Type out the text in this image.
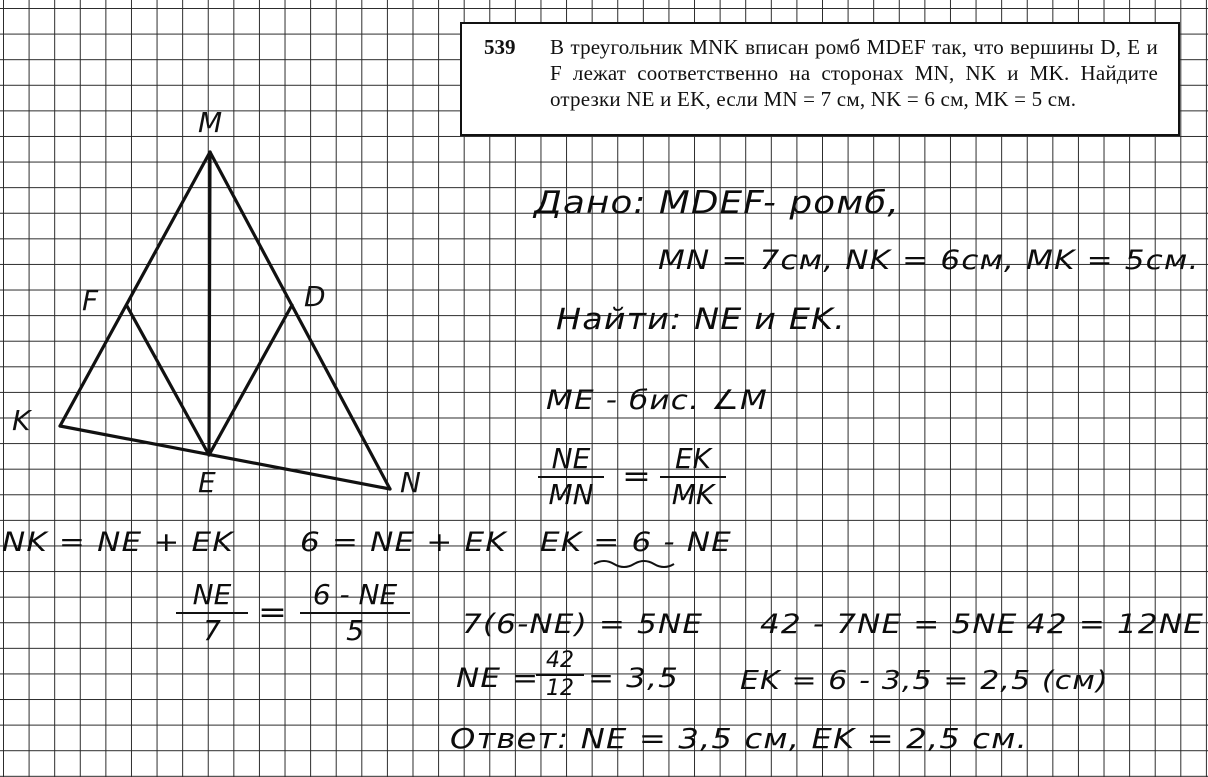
539 В треугольник MNK вписан ромб MDEF так, что вершины D, E и F лежат соответственно на сторонах MN, NK и MK. Найдите отрезки NE и EK, если MN = 7 см, NK = 6 см, MK = 5 см.
M
N
K
D
E
F
Дано: MDEF- ромб,
MN = 7см, NK = 6см, MK = 5см.
Найти: NE и EK.
ME - бис. ∠M
NE
MN
=
EK
MK
NK = NE + EK 6 = NE + EK EK = 6 - NE
NE
7
=
6 - NE
5	7(6-NE) = 5NE 42 - 7NE = 5NE 42 = 12NE
NE =
42
12 = 3,5 EK = 6 - 3,5 = 2,5 (см)
Ответ: NE = 3,5 см, EK = 2,5 см.
